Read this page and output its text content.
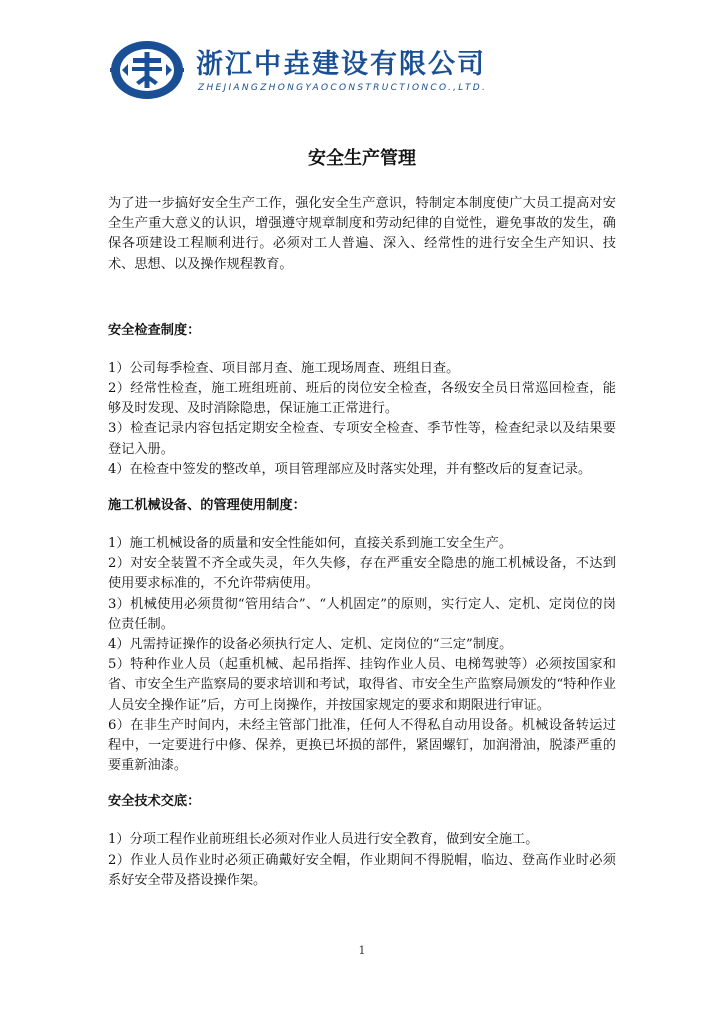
浙江中垚建设有限公司
ZHEJIANGZHONGYAOCONSTRUCTIONCO.,LTD.
安全生产管理

为了进一步搞好安全生产工作，强化安全生产意识，特制定本制度使广大员工提高对安全生产重大意义的认识，增强遵守规章制度和劳动纪律的自觉性，避免事故的发生，确保各项建设工程顺利进行。必须对工人普遍、深入、经常性的进行安全生产知识、技术、思想、以及操作规程教育。

安全检查制度：

1）公司每季检查、项目部月查、施工现场周查、班组日查。

2）经常性检查，施工班组班前、班后的岗位安全检查，各级安全员日常巡回检查，能够及时发现、及时消除隐患，保证施工正常进行。

3）检查记录内容包括定期安全检查、专项安全检查、季节性等，检查纪录以及结果要登记入册。

4）在检查中签发的整改单，项目管理部应及时落实处理，并有整改后的复查记录。

施工机械设备、的管理使用制度：

1）施工机械设备的质量和安全性能如何，直接关系到施工安全生产。

2）对安全装置不齐全或失灵，年久失修，存在严重安全隐患的施工机械设备，不达到使用要求标准的，不允许带病使用。

3）机械使用必须贯彻“管用结合”、“人机固定”的原则，实行定人、定机、定岗位的岗位责任制。

4）凡需持证操作的设备必须执行定人、定机、定岗位的“三定”制度。

5）特种作业人员（起重机械、起吊指挥、挂钩作业人员、电梯驾驶等）必须按国家和省、市安全生产监察局的要求培训和考试，取得省、市安全生产监察局颁发的“特种作业人员安全操作证”后，方可上岗操作，并按国家规定的要求和期限进行审证。

6）在非生产时间内，未经主管部门批准，任何人不得私自动用设备。机械设备转运过程中，一定要进行中修、保养，更换已坏损的部件，紧固螺钉，加润滑油，脱漆严重的要重新油漆。

安全技术交底：

1）分项工程作业前班组长必须对作业人员进行安全教育，做到安全施工。

2）作业人员作业时必须正确戴好安全帽，作业期间不得脱帽，临边、登高作业时必须系好安全带及搭设操作架。

1
